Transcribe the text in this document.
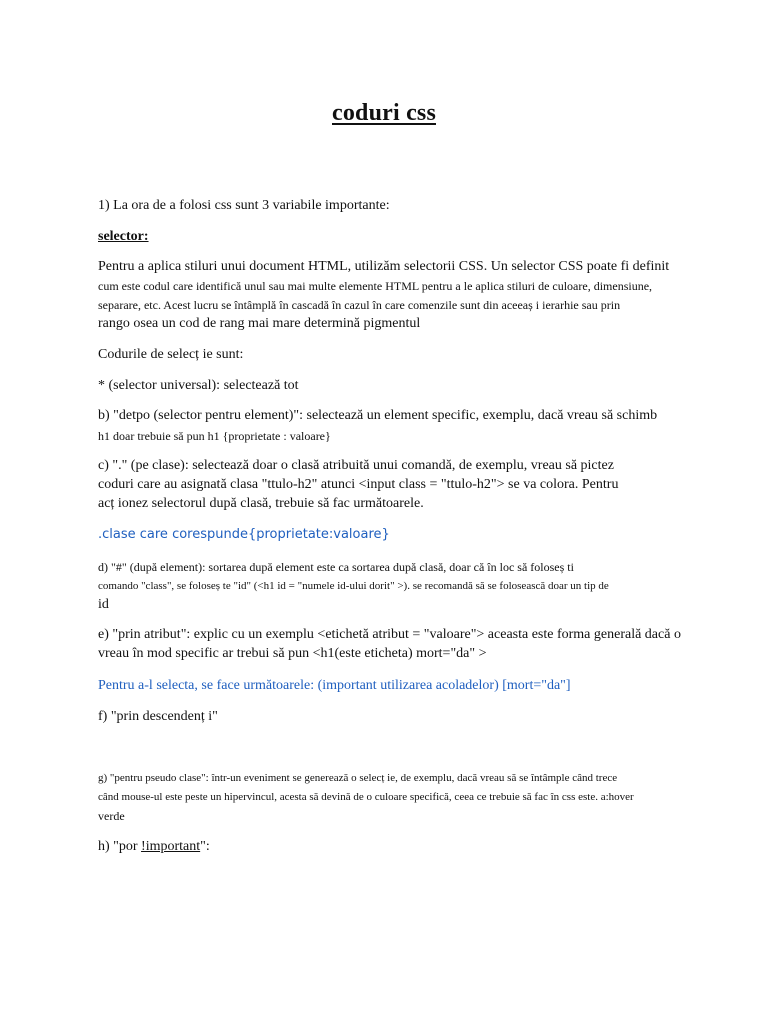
coduri css
1) La ora de a folosi css sunt 3 variabile importante:
selector:
Pentru a aplica stiluri unui document HTML, utilizăm selectorii CSS. Un selector CSS poate fi definit
cum este codul care identifică unul sau mai multe elemente HTML pentru a le aplica stiluri de culoare, dimensiune,
separare, etc. Acest lucru se întâmplă în cascadă în cazul în care comenzile sunt din aceeaș i ierarhie sau prin
rango osea un cod de rang mai mare determină pigmentul
Codurile de selecț ie sunt:
* (selector universal): selectează tot
b) "detpo (selector pentru element)": selectează un element specific, exemplu, dacă vreau să schimb
h1 doar trebuie să pun h1 {proprietate : valoare}
c) "." (pe clase): selectează doar o clasă atribuită unui comandă, de exemplu, vreau să pictez
coduri care au asignată clasa "ttulo-h2" atunci <input class = "ttulo-h2"> se va colora. Pentru
acț ionez selectorul după clasă, trebuie să fac următoarele.
.clase care corespunde{proprietate:valoare}
d) "#" (după element): sortarea după element este ca sortarea după clasă, doar că în loc să foloseș ti
comando "class", se foloseș te "id" (<h1 id = "numele id-ului dorit" >). se recomandă să se folosească doar un tip de
id
e) "prin atribut": explic cu un exemplu <etichetă atribut = "valoare"> aceasta este forma generală dacă o
vreau în mod specific ar trebui să pun <h1(este eticheta) mort="da" >
Pentru a-l selecta, se face următoarele: (important utilizarea acoladelor) [mort="da"]
f) "prin descendenț i"
g) "pentru pseudo clase": într-un eveniment se generează o selecț ie, de exemplu, dacă vreau să se întâmple când trece
când mouse-ul este peste un hipervincul, acesta să devină de o culoare specifică, ceea ce trebuie să fac în css este. a:hover
verde
h) "por !important":
